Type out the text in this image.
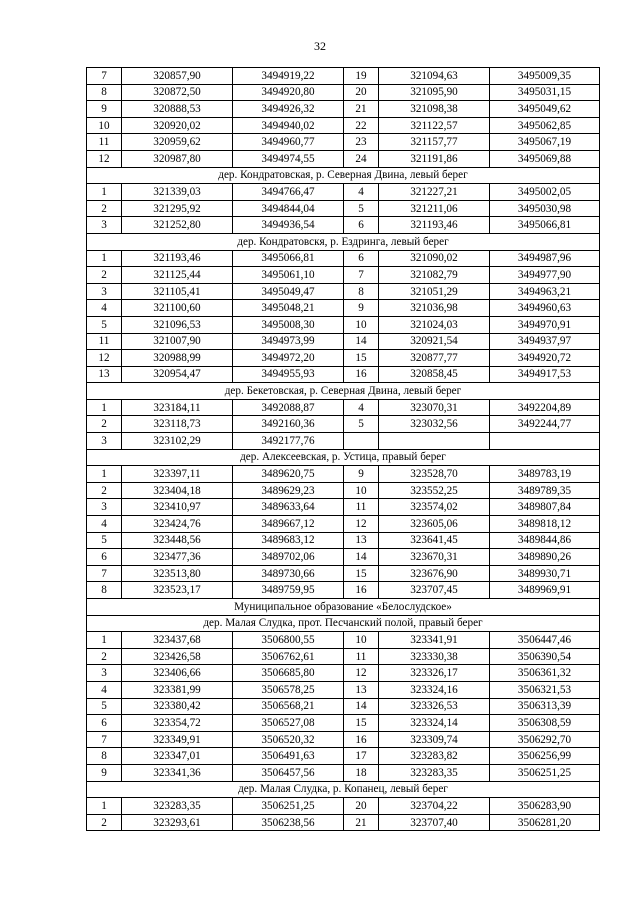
32
7	320857,90	3494919,22	19	321094,63	3495009,35
8	320872,50	3494920,80	20	321095,90	3495031,15
9	320888,53	3494926,32	21	321098,38	3495049,62
10	320920,02	3494940,02	22	321122,57	3495062,85
11	320959,62	3494960,77	23	321157,77	3495067,19
12	320987,80	3494974,55	24	321191,86	3495069,88
дер. Кондратовская, р. Северная Двина, левый берег					
1	321339,03	3494766,47	4	321227,21	3495002,05
2	321295,92	3494844,04	5	321211,06	3495030,98
3	321252,80	3494936,54	6	321193,46	3495066,81
дер. Кондратовскя, р. Ездринга, левый берег					
1	321193,46	3495066,81	6	321090,02	3494987,96
2	321125,44	3495061,10	7	321082,79	3494977,90
3	321105,41	3495049,47	8	321051,29	3494963,21
4	321100,60	3495048,21	9	321036,98	3494960,63
5	321096,53	3495008,30	10	321024,03	3494970,91
11	321007,90	3494973,99	14	320921,54	3494937,97
12	320988,99	3494972,20	15	320877,77	3494920,72
13	320954,47	3494955,93	16	320858,45	3494917,53
дер. Бекетовская, р. Северная Двина, левый берег					
1	323184,11	3492088,87	4	323070,31	3492204,89
2	323118,73	3492160,36	5	323032,56	3492244,77
3	323102,29	3492177,76			
дер. Алексеевская, р. Устица, правый берег					
1	323397,11	3489620,75	9	323528,70	3489783,19
2	323404,18	3489629,23	10	323552,25	3489789,35
3	323410,97	3489633,64	11	323574,02	3489807,84
4	323424,76	3489667,12	12	323605,06	3489818,12
5	323448,56	3489683,12	13	323641,45	3489844,86
6	323477,36	3489702,06	14	323670,31	3489890,26
7	323513,80	3489730,66	15	323676,90	3489930,71
8	323523,17	3489759,95	16	323707,45	3489969,91
Муниципальное образование «Белослудское»					
дер. Малая Слудка, прот. Песчанский полой, правый берег					
1	323437,68	3506800,55	10	323341,91	3506447,46
2	323426,58	3506762,61	11	323330,38	3506390,54
3	323406,66	3506685,80	12	323326,17	3506361,32
4	323381,99	3506578,25	13	323324,16	3506321,53
5	323380,42	3506568,21	14	323326,53	3506313,39
6	323354,72	3506527,08	15	323324,14	3506308,59
7	323349,91	3506520,32	16	323309,74	3506292,70
8	323347,01	3506491,63	17	323283,82	3506256,99
9	323341,36	3506457,56	18	323283,35	3506251,25
дер. Малая Слудка, р. Копанец, левый берег					
1	323283,35	3506251,25	20	323704,22	3506283,90
2	323293,61	3506238,56	21	323707,40	3506281,20
